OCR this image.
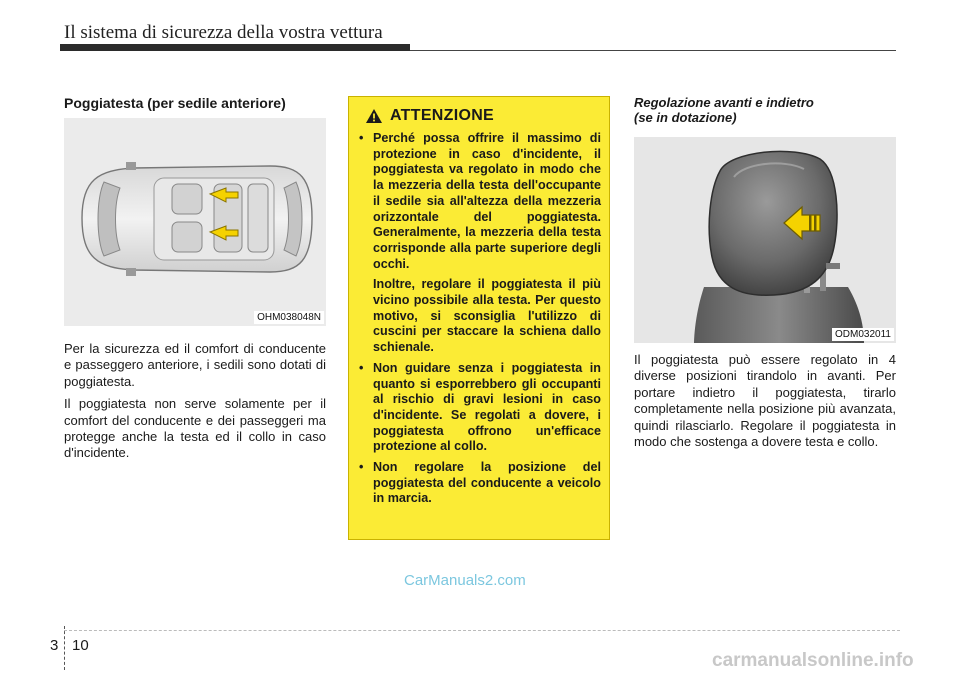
Il sistema di sicurezza della vostra vettura
Poggiatesta (per sedile anteriore)
OHM038048N

Per la sicurezza ed il comfort di conducente e passeggero anteriore, i sedili sono dotati di poggiatesta.

Il poggiatesta non serve solamente per il comfort del conducente e dei passeggeri ma protegge anche la testa ed il collo in caso d'incidente.

ATTENZIONE
• Perché possa offrire il massimo di protezione in caso d'incidente, il poggiatesta va regolato in modo che la mezzeria della testa dell'occupante il sedile sia all'altezza della mezzeria orizzontale del poggiatesta. Generalmente, la mezzeria della testa corrisponde alla parte superiore degli occhi.
Inoltre, regolare il poggiatesta il più vicino possibile alla testa. Per questo motivo, si sconsiglia l'utilizzo di cuscini per staccare la schiena dallo schienale.
• Non guidare senza i poggiatesta in quanto si esporrebbero gli occupanti al rischio di gravi lesioni in caso d'incidente. Se regolati a dovere, i poggiatesta offrono un'efficace protezione al collo.
• Non regolare la posizione del poggiatesta del conducente a veicolo in marcia.
Regolazione avanti e indietro
(se in dotazione)
ODM032011

Il poggiatesta può essere regolato in 4 diverse posizioni tirandolo in avanti. Per portare indietro il poggiatesta, tirarlo completamente nella posizione più avanzata, quindi rilasciarlo. Regolare il poggiatesta in modo che sostenga a dovere testa e collo.

CarManuals2.com
3 10
carmanualsonline.info
